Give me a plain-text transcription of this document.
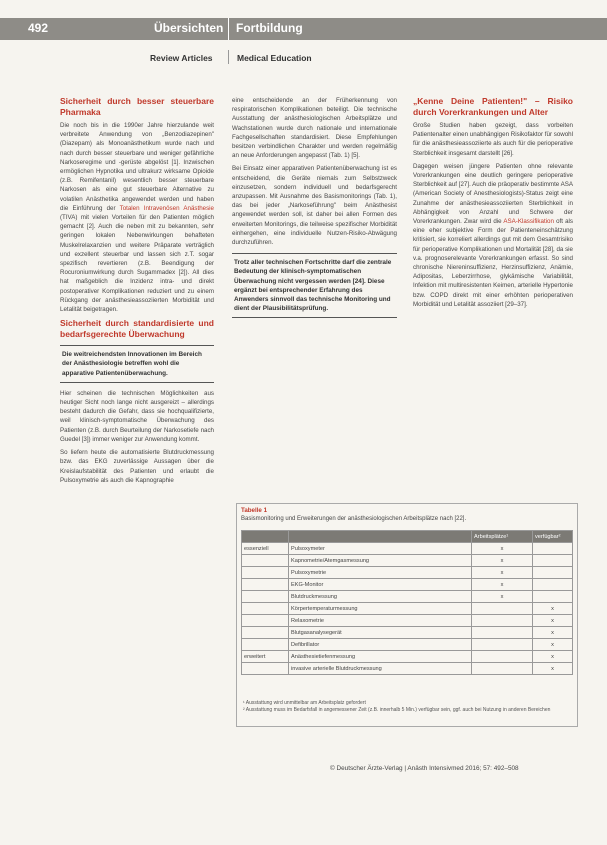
492	Übersichten Fortbildung
Review Articles	Medical Education

Sicherheit durch besser steuerbare Pharmaka

Die noch bis in die 1990er Jahre hierzulande weit verbreitete Anwendung von „Benzodiazepinen" (Diazepam) als Monoanästhetikum wurde nach und nach durch besser steuerbare und weniger gefährliche Narkoseregime und -gerüste abgelöst [1]. Inzwischen ermöglichen Hypnotika und ultrakurz wirksame Opioide (z.B. Remifentanil) wesentlich besser steuerbare Narkosen als eine gut steuerbare Alternative zu volatilen Anästhetika angewendet werden und haben die Einführung der Totalen Intravenösen Anästhesie (TIVA) mit vielen Vorteilen für den Patienten möglich gemacht [2]. Auch die neben mit zu bekannten, sehr geringen lokalen Nebenwirkungen behafteten Muskelrelaxanzien und weitere Präparate verträglich und exzellent steuerbar und lassen sich z.T. sogar spezifisch revertieren (z.B. Beendigung der Rocuroniumwirkung durch Sugammadex [2]). All dies hat maßgeblich die Inzidenz intra- und direkt postoperativer Komplikationen reduziert und zu einem Rückgang der anästhesieassoziierten Morbidität und Letalität beigetragen.

Sicherheit durch standardisierte und bedarfsgerechte Überwachung

Die weitreichendsten Innovationen im Bereich der Anästhesiologie betreffen wohl die apparative Patientenüberwachung.

Hier scheinen die technischen Möglichkeiten aus heutiger Sicht noch lange nicht ausgereizt – allerdings besteht dadurch die Gefahr, dass sie hochqualifizierte, weil klinisch-symptomatische Überwachung des Patienten (z.B. durch Beurteilung der Narkosetiefe nach Guedel [3]) immer weniger zur Anwendung kommt.

So liefern heute die automatisierte Blutdruckmessung bzw. das EKG zuverlässige Aussagen über die Kreislaufstabilität des Patienten und erlaubt die Pulsoxymetrie als auch die Kapnographie

eine entscheidende an der Früherkennung von respiratorischen Komplikationen beteiligt. Die technische Ausstattung der anästhesiologischen Arbeitsplätze und Wachstationen wurde durch nationale und internationale Fachgesellschaften standardisiert. Diese Empfehlungen besitzen verbindlichen Charakter und werden regelmäßig an neue Anforderungen angepasst (Tab. 1) [5].

Bei Einsatz einer apparativen Patientenüberwachung ist es entscheidend, die Geräte niemals zum Selbstzweck einzusetzen, sondern individuell und bedarfsgerecht anzupassen. Mit Ausnahme des Basismonitorings (Tab. 1), das bei jeder „Narkoseführung" beim Anästhesist angewendet werden soll, ist daher bei allen Formen des erweiterten Monitorings, die teilweise spezifischer Morbidität einhergehen, eine individuelle Nutzen-Risiko-Abwägung durchzuführen.

Trotz aller technischen Fortschritte darf die zentrale Bedeutung der klinisch-symptomatischen Überwachung nicht vergessen werden [24]. Diese ergänzt bei entsprechender Erfahrung des Anwenders sinnvoll das technische Monitoring und dient der Plausibilitätsprüfung.

„Kenne Deine Patienten!" – Risiko durch Vorerkrankungen und Alter

Große Studien haben gezeigt, dass vorbeiten Patientenalter einen unabhängigen Risikofaktor für sowohl für die anästhesieassoziierte als auch für die perioperative Sterblichkeit insgesamt darstellt [26].

Dagegen weisen jüngere Patienten ohne relevante Vorerkrankungen eine deutlich geringere perioperative Sterblichkeit auf [27]. Auch die präoperativ bestimmte ASA (American Society of Anesthesiologists)-Status zeigt eine Zunahme der anästhesieassoziierten Sterblichkeit in Abhängigkeit von Anzahl und Schwere der Vorerkrankungen. Zwar wird die ASA-Klassifikation oft als eine eher subjektive Form der Patienteneinschätzung kritisiert, sie korreliert allerdings gut mit dem Gesamtrisiko für perioperative Komplikationen und Mortalität [28], da sie v.a. prognoserelevante Vorerkrankungen erfasst. So sind chronische Niereninsuffizienz, Herzinsuffizienz, Anämie, Adipositas, Leberzirrhose, glykämische Variabilität, Infektion mit multiresistenten Keimen, arterielle Hypertonie bzw. COPD direkt mit einer erhöhten perioperativen Morbidität und Letalität assoziiert [29–37].

Tabelle 1
Basismonitoring und Erweiterungen der anästhesiologischen Arbeitsplätze nach [22].
		Arbeitsplätze¹	verfügbar²
essenziell	Pulsoxymeter	x	
	Kapnometrie/Atemgasmessung	x	
	Pulsoxymetrie	x	
	EKG-Monitor	x	
	Blutdruckmessung	x	
	Körpertemperaturmessung		x
	Relaxometrie		x
	Blutgasanalysegerät		x
	Defibrillator		x
erweitert	Anästhesietiefenmessung		x
	invasive arterielle Blutdruckmessung		x
¹ Ausstattung wird unmittelbar am Arbeitsplatz gefordert
² Ausstattung muss im Bedarfsfall in angemessener Zeit (z.B. innerhalb 5 Min.) verfügbar sein, ggf. auch bei Nutzung in anderen Bereichen
© Deutscher Ärzte-Verlag | Anästh Intensivmed 2016; 57: 492–508
